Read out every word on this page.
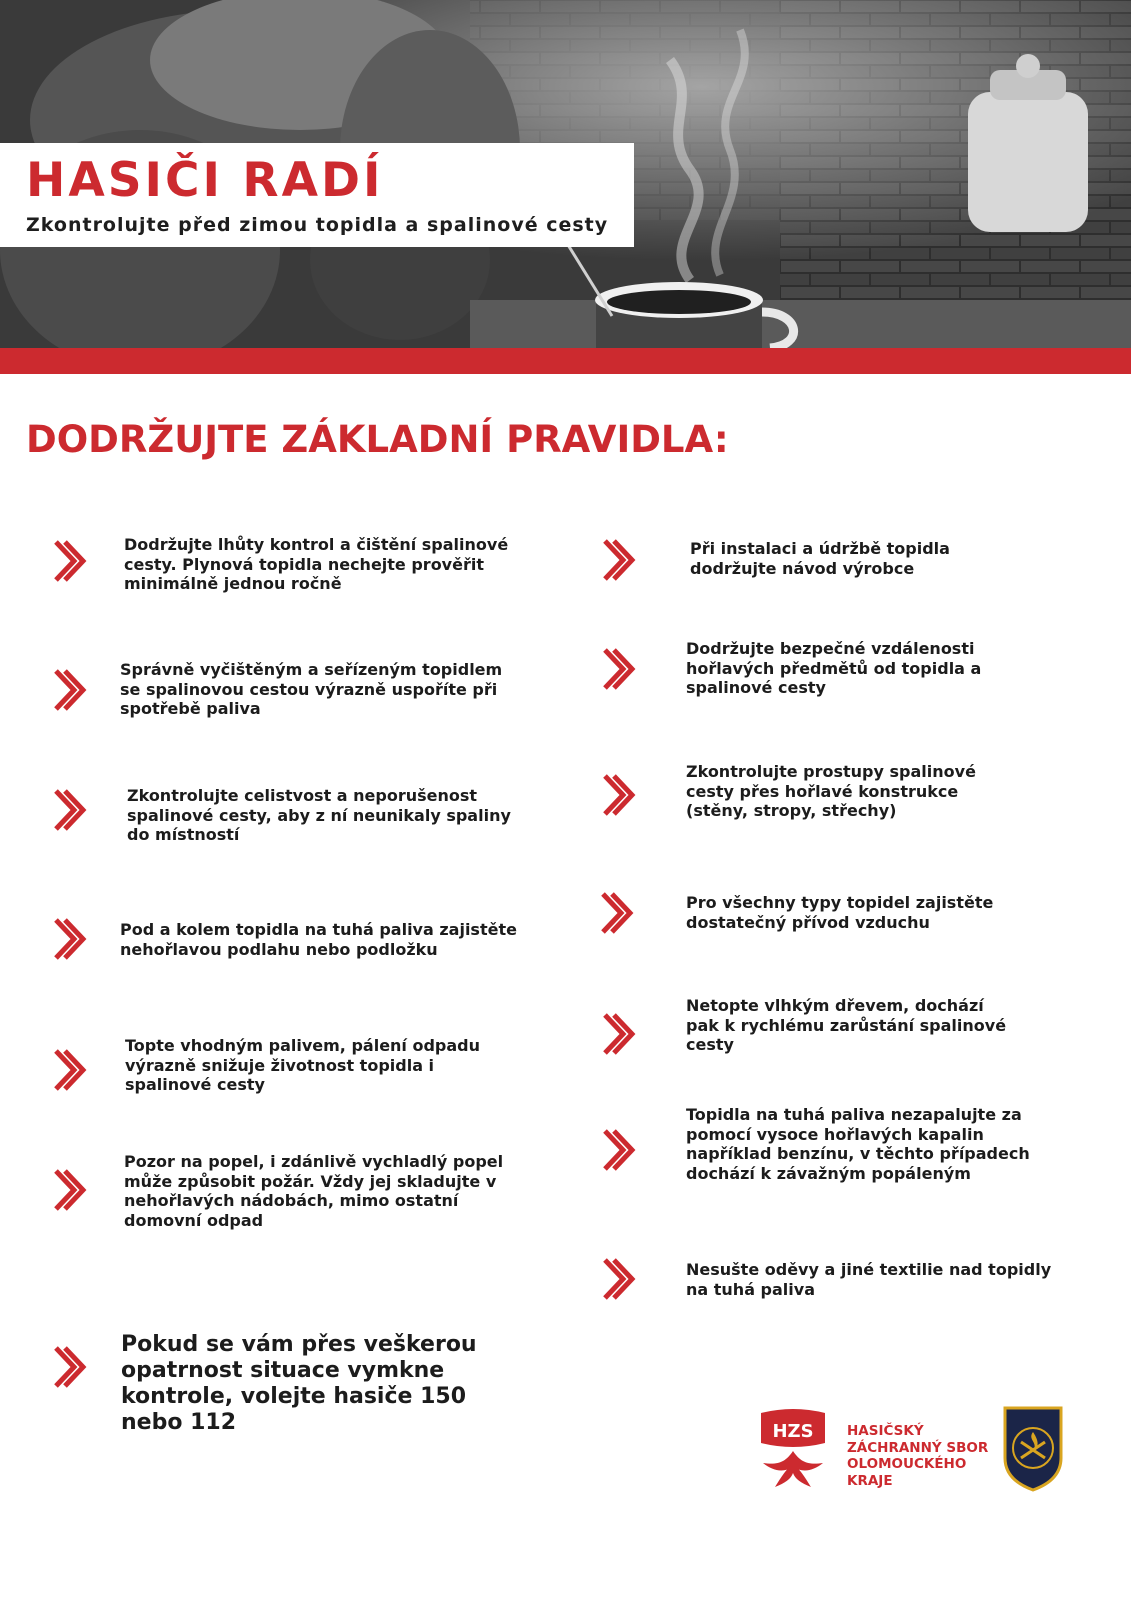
HASIČI RADÍ

Zkontrolujte před zimou topidla a spalinové cesty

DODRŽUJTE ZÁKLADNÍ PRAVIDLA:

Dodržujte lhůty kontrol a čištění spalinové cesty. Plynová topidla nechejte prověřit minimálně jednou ročně

Správně vyčištěným a seřízeným topidlem se spalinovou cestou výrazně uspoříte při spotřebě paliva

Zkontrolujte celistvost a neporušenost spalinové cesty, aby z ní neunikaly spaliny do místností

Pod a kolem topidla na tuhá paliva zajistěte nehořlavou podlahu nebo podložku

Topte vhodným palivem, pálení odpadu výrazně snižuje životnost topidla i spalinové cesty

Pozor na popel, i zdánlivě vychladlý popel může způsobit požár. Vždy jej skladujte v nehořlavých nádobách, mimo ostatní domovní odpad

Při instalaci a údržbě topidla dodržujte návod výrobce

Dodržujte bezpečné vzdálenosti hořlavých předmětů od topidla a spalinové cesty

Zkontrolujte prostupy spalinové cesty přes hořlavé konstrukce (stěny, stropy, střechy)

Pro všechny typy topidel zajistěte dostatečný přívod vzduchu

Netopte vlhkým dřevem, dochází pak k rychlému zarůstání spalinové cesty

Topidla na tuhá paliva nezapalujte za pomocí vysoce hořlavých kapalin například benzínu, v těchto případech dochází k závažným popáleným

Nesušte oděvy a jiné textilie nad topidly na tuhá paliva

Pokud se vám přes veškerou opatrnost situace vymkne kontrole, volejte hasiče 150 nebo 112	HZS HASIČSKÝ
ZÁCHRANNÝ SBOR
OLOMOUCKÉHO
KRAJE
